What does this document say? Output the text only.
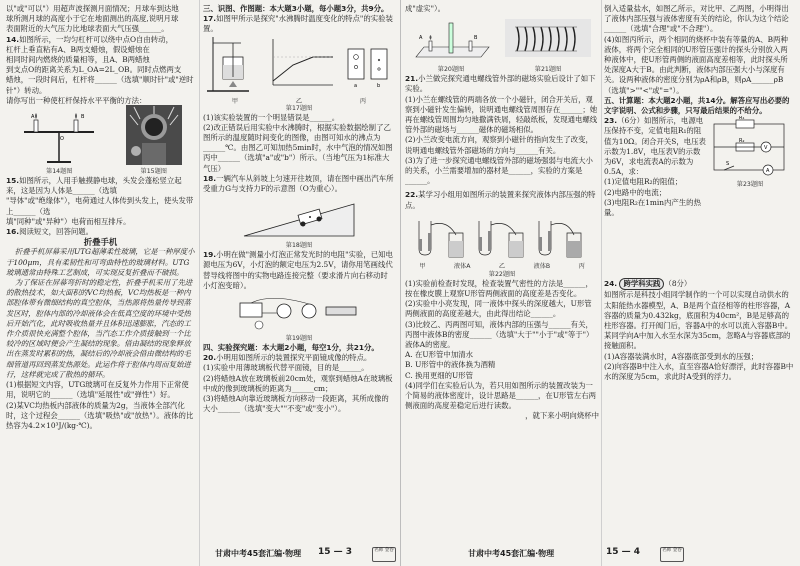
以"或"可以"）用超声波探测月面情况；月球车到达地

球所测月球的高度小于它在地面测出的高度,说明月球

表面附近的大气压力比地球表面大气压强______。

14.如图所示，一均匀杠杆可以绕中点O自由转动，

杠杆上垂直粘有A、B两支蜡烛，假设蜡烛在

相同时间内燃烧的质量相等，且A、B两蜡烛

到支点O的距离关系为L_OA=2L_OB。同时点燃两支

蜡烛，一段时间后，杠杆将______（选填"顺时针"或"逆时针"）转动。

请你写出一种使杠杆保持水平平衡的方法：

A	B
O
第14题图	第15题图

15.如图所示，人用手触摸静电球，头发会蓬松竖立起来，这是因为人体是______（选填

"导体"或"绝缘体"），电荷通过人体传到头发上，使头发带上______（选

填"同种"或"异种"）电荷而相互排斥。

16.阅读短文，回答问题。

折叠手机

折叠手机屏幕采用UTG超薄柔性玻璃，它是一种厚度小于100μm，具有柔韧性和可弯曲特性的玻璃材料。UTG玻璃通常由特殊工艺制成，可实现反复折叠而不破损。

为了保证在屏幕弯折时的稳定性，折叠手机采用了先进的散热技术，如大面积的VC均热板，VC均热板是一种内部腔体带有微细结构的真空腔体，当热源将热量传导到蒸发区时，腔体内部的冷却液体会在低真空度的环境中受热后开始汽化，此时吸收热量并且体积迅速膨胀，汽态的工作介质很快充满整个腔体，当汽态工作介质接触到一个比较冷的区域时便会产生凝结的现象。借由凝结的现象释放出在蒸发时累积的热，凝结后的冷却液会借由微结构的毛细管道再回到蒸发热源处。此运作将于腔体内周而复始进行，这样就完成了散热的循环。

(1)根据短文内容，UTG玻璃可在反复外力作用下正常使用，说明它的______（选填"延展性"或"弹性"）好。

(2)某VC均热板内部液体的质量为2g，当液体全部汽化时，这个过程会______（选填"吸热"或"放热"）。液体的比热容为4.2×10³J/(kg·℃)。

三、识图、作图题：本大题3小题，每小题3分，共9分。

17.如图甲所示是探究"水沸腾时温度变化的特点"的实验装置。

a	b
甲	乙	丙
第17题图

(1)该实验装置的一个明显错误是______。

(2)改正错误后用实验中水沸腾时，根据实验数据绘制了乙图所示的温度随时间变化的图像，由图可知水的沸点为______℃。由图乙可知加热5min时，水中气泡的情况如图丙中______（选填"a"或"b"）所示。（当地气压为1标准大气压）

18.一辆汽车从斜坡上匀速开往坡顶，请在图中画出汽车所受重力G与支持力F的示意图（O为重心）。

第18题图

19.小明在做"测量小灯泡正常发光时的电阻"实验，已知电源电压为6V，小灯泡的额定电压为2.5V，请你用笔画线代替导线将图中的实物电路连接完整（要求滑片向右移动时小灯泡变暗）。

第19题图

四、实验探究题：本大题2小题，每空1分，共21分。

20.小明用如图所示的装置探究平面镜成像的特点。

(1)实验中用薄玻璃板代替平面镜，目的是______。

(2)将蜡烛A放在玻璃板前20cm处，观察到蜡烛A在玻璃板中成的像到玻璃板的距离为______cm；

(3)将蜡烛A向靠近玻璃板方向移动一段距离，其所成像的大小______（选填"变大""不变"或"变小"）。

成"虚实"）。

A	B
第20题图	第21题图

21.小兰做完探究通电螺线管外部的磁场实验后设计了如下实验。

(1)小兰在螺线管的两端各放一个小磁针，闭合开关后，观察到小磁针发生偏转，说明通电螺线管周围存在______；她再在螺线管周围均匀地撒满铁屑，轻敲纸板，发现通电螺线管外部的磁场与______磁体的磁场相似。

(2)小兰改变电流方向，观察到小磁针的指向发生了改变，说明通电螺线管外部磁场的方向与______有关。

(3)为了进一步探究通电螺线管外部的磁场强弱与电流大小的关系，小兰需要增加的器材是______，实验的方案是______。

22.某学习小组用如图所示的装置来探究液体内部压强的特点。

甲	液体A	乙	液体B	丙
第22题图

(1)实验前检查时发现，检查装置气密性的方法是______，按在橡皮膜上观察U形管两侧液面的高度差是否变化。

(2)实验中小亮发现，同一液体中探头的深度越大，U形管两侧液面的高度差越大，由此得出结论______。

(3)比较乙、丙两图可知，液体内部的压强与______有关，丙图中液体B的密度______（选填"大于""小于"或"等于"）液体A的密度。

A. 在U形管中加清水

B. U形管中的液体换为酒精

C. 换用更细的U形管

(4)同学们在实验后认为，若只用如图所示的装置改装为一个简易的液体密度计，设计思路是______，在U形管左右两侧液面的高度差稳定后进行读数。

，就下来小明向烧杯中

倒入适量盐水，如图乙所示，对比甲、乙两图，小明得出了液体内部压强与液体密度有关的结论，你认为这个结论______（选填"合理"或"不合理"）。

(4)如图丙所示，两个相同的烧杯中装有等量的A、B两种液体，将两个完全相同的U形管压强计的探头分别放入两种液体中，使U形管两侧的液面高度差相等，此时探头所处深度A大于B。由此判断，液体内部压强大小与深度有关。设两种液体的密度分别为ρA和ρB，则ρA______ρB（选填">""<"或"="）。

五、计算题：本大题2小题，共14分。解答应写出必要的文字说明、公式和步骤，只写最后结果的不给分。

23.（6分）如图所示，电源电压保持不变，定值电阻R₁的阻值为10Ω。闭合开关S，电压表示数为1.8V，电压表V的示数为6V，求电流表A的示数为0.5A，求：

(1)定值电阻R₂的阻值；

(2)电路中的电流；

(3)电阻R₂在1min内产生的热量。

R₁
R₂
S
A
V
第23题图

24. 跨学科实践 （8分）

如图所示是科技小组同学制作的一个可以实现自动供水的太阳能热水器模型，A、B是两个直径相等的柱形容器，A容器的质量为0.432kg，底面积为40cm²，B是足够高的柱形容器。打开阀门后，容器A中的水可以流入容器B中。某同学向A中加入水至水深为35cm，忽略A与容器底部的接触面积。

(1)A容器装满水时，A容器底部受到水的压强；

(2)向容器B中注入水，直至容器A恰好漂浮，此时容器B中水的深度为5cm，求此时A受到的浮力。

甘肃中考45套汇编·物理 15 — 3	名师 金卷	甘肃中考45套汇编·物理	15 — 4	名师 金卷
